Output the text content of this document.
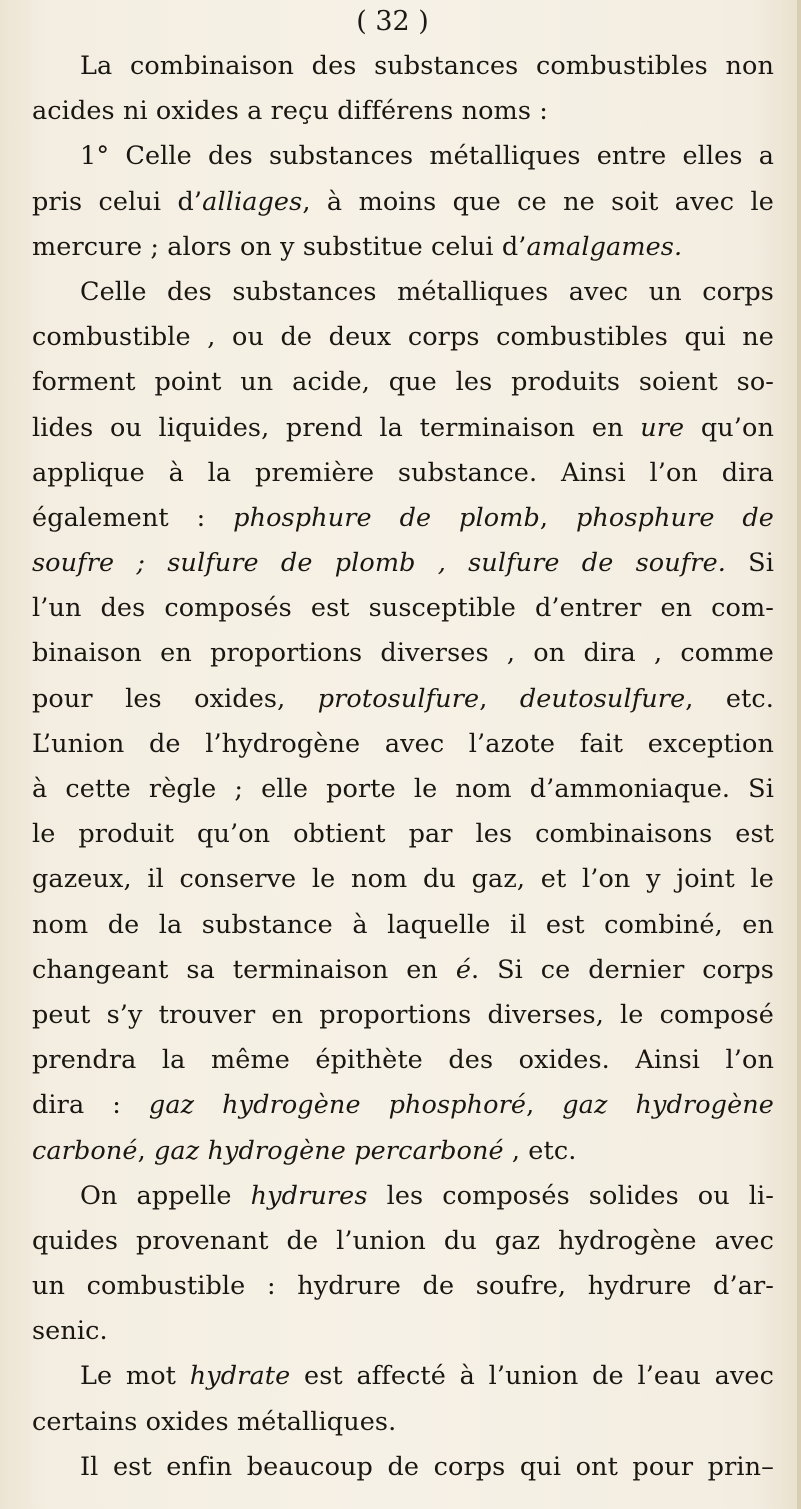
( 32 )
La combinaison des substances combustibles non
acides ni oxides a reçu différens noms :
1° Celle des substances métalliques entre elles a
pris celui d’alliages, à moins que ce ne soit avec le
mercure ; alors on y substitue celui d’amalgames.
Celle des substances métalliques avec un corps
combustible , ou de deux corps combustibles qui ne
forment point un acide, que les produits soient so-
lides ou liquides, prend la terminaison en ure qu’on
applique à la première substance. Ainsi l’on dira
également : phosphure de plomb, phosphure de
soufre ; sulfure de plomb , sulfure de soufre. Si
l’un des composés est susceptible d’entrer en com-
binaison en proportions diverses , on dira , comme
pour les oxides, protosulfure, deutosulfure, etc.
L’union de l’hydrogène avec l’azote fait exception
à cette règle ; elle porte le nom d’ammoniaque. Si
le produit qu’on obtient par les combinaisons est
gazeux, il conserve le nom du gaz, et l’on y joint le
nom de la substance à laquelle il est combiné, en
changeant sa terminaison en é. Si ce dernier corps
peut s’y trouver en proportions diverses, le composé
prendra la même épithète des oxides. Ainsi l’on
dira : gaz hydrogène phosphoré, gaz hydrogène
carboné, gaz hydrogène percarboné , etc.
On appelle hydrures les composés solides ou li-
quides provenant de l’union du gaz hydrogène avec
un combustible : hydrure de soufre, hydrure d’ar-
senic.
Le mot hydrate est affecté à l’union de l’eau avec
certains oxides métalliques.
Il est enfin beaucoup de corps qui ont pour prin–
